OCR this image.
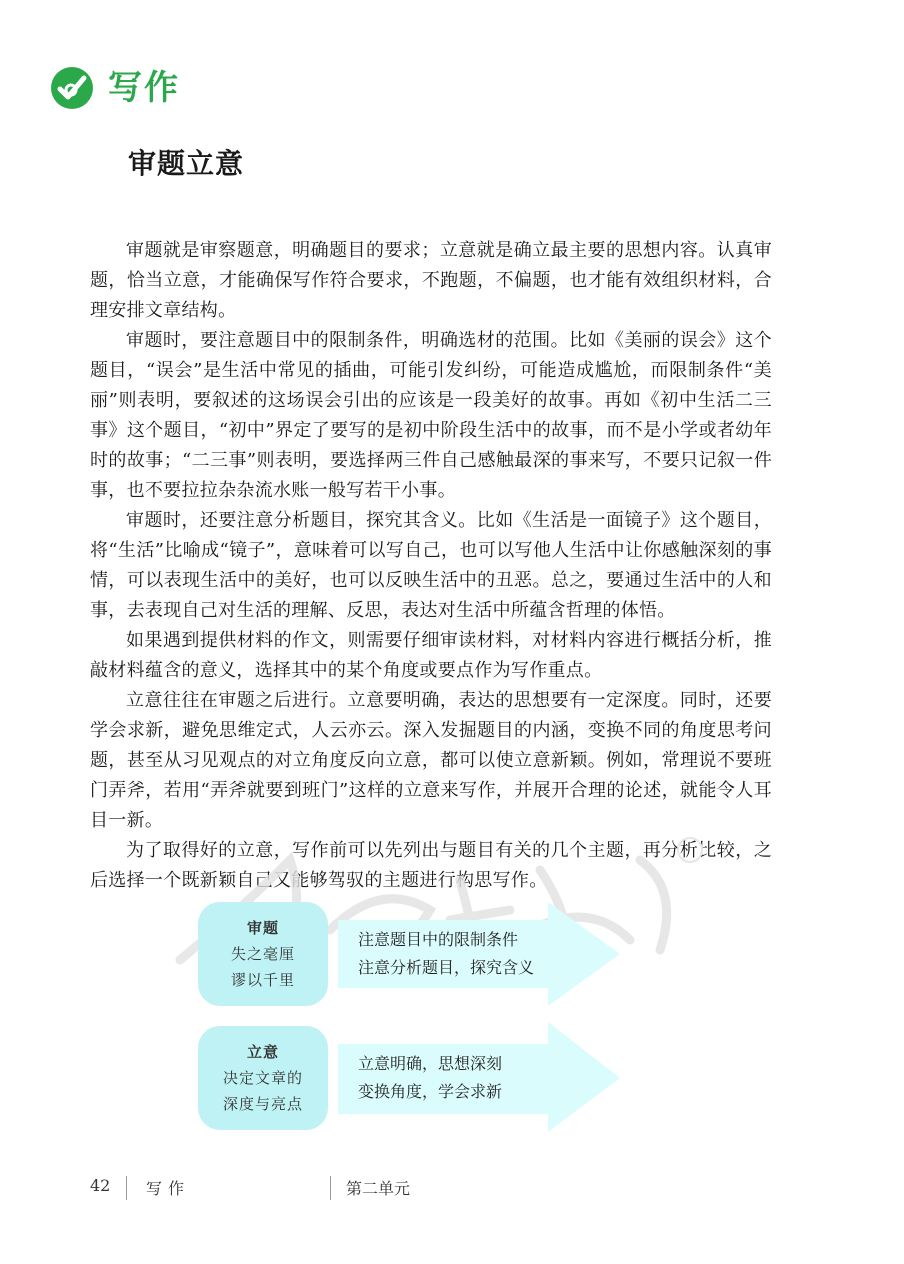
写作
审题立意

审题就是审察题意，明确题目的要求；立意就是确立最主要的思想内容。认真审题，恰当立意，才能确保写作符合要求，不跑题，不偏题，也才能有效组织材料，合理安排文章结构。

审题时，要注意题目中的限制条件，明确选材的范围。比如《美丽的误会》这个题目，“误会”是生活中常见的插曲，可能引发纠纷，可能造成尴尬，而限制条件“美丽”则表明，要叙述的这场误会引出的应该是一段美好的故事。再如《初中生活二三事》这个题目，“初中”界定了要写的是初中阶段生活中的故事，而不是小学或者幼年时的故事；“二三事”则表明，要选择两三件自己感触最深的事来写，不要只记叙一件事，也不要拉拉杂杂流水账一般写若干小事。

审题时，还要注意分析题目，探究其含义。比如《生活是一面镜子》这个题目，将“生活”比喻成“镜子”，意味着可以写自己，也可以写他人生活中让你感触深刻的事情，可以表现生活中的美好，也可以反映生活中的丑恶。总之，要通过生活中的人和事，去表现自己对生活的理解、反思，表达对生活中所蕴含哲理的体悟。

如果遇到提供材料的作文，则需要仔细审读材料，对材料内容进行概括分析，推敲材料蕴含的意义，选择其中的某个角度或要点作为写作重点。

立意往往在审题之后进行。立意要明确，表达的思想要有一定深度。同时，还要学会求新，避免思维定式，人云亦云。深入发掘题目的内涵，变换不同的角度思考问题，甚至从习见观点的对立角度反向立意，都可以使立意新颖。例如，常理说不要班门弄斧，若用“弄斧就要到班门”这样的立意来写作，并展开合理的论述，就能令人耳目一新。

为了取得好的立意，写作前可以先列出与题目有关的几个主题，再分析比较，之后选择一个既新颖自己又能够驾驭的主题进行构思写作。

审题
失之毫厘
谬以千里
注意题目中的限制条件
注意分析题目，探究含义
立意
决定文章的
深度与亮点
立意明确，思想深刻
变换角度，学会求新
42 写作	第二单元
